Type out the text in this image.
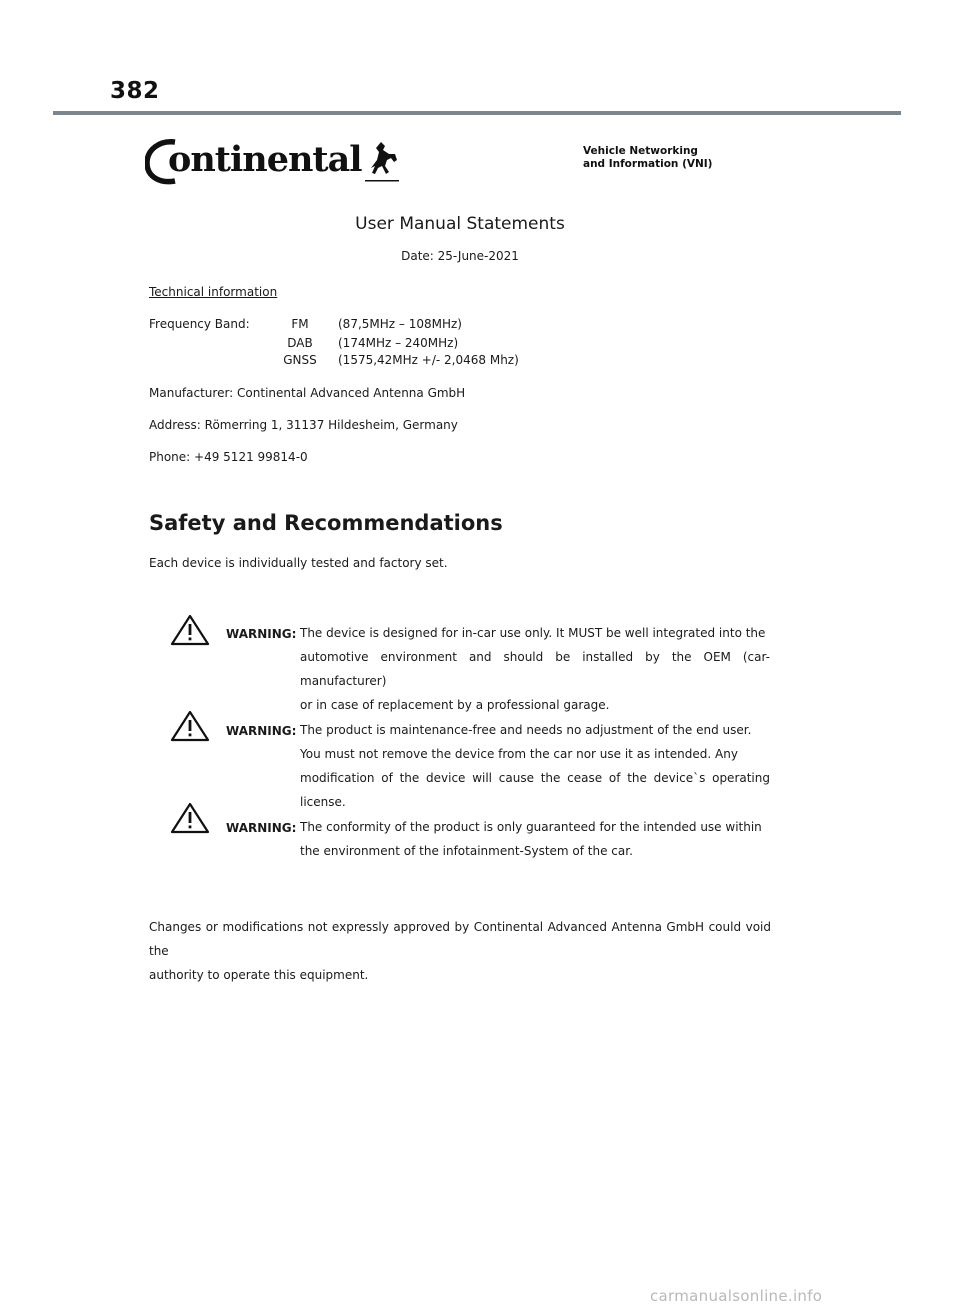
382
ontinental	Vehicle Networking
and Information (VNI)
User Manual Statements
Date: 25-June-2021
Technical information
Frequency Band:	FM	(87,5MHz – 108MHz)
DAB	(174MHz – 240MHz)
GNSS	(1575,42MHz +/- 2,0468 Mhz)
Manufacturer: Continental Advanced Antenna GmbH
Address: Römerring 1, 31137 Hildesheim, Germany
Phone: +49 5121 99814-0
Safety and Recommendations
Each device is individually tested and factory set.
WARNING: The device is designed for in-car use only. It MUST be well integrated into the
automotive environment and should be installed by the OEM (car-manufacturer)
or in case of replacement by a professional garage.
WARNING: The product is maintenance-free and needs no adjustment of the end user.
You must not remove the device from the car nor use it as intended. Any
modification of the device will cause the cease of the device`s operating license.
WARNING: The conformity of the product is only guaranteed for the intended use within
the environment of the infotainment-System of the car.
Changes or modifications not expressly approved by Continental Advanced Antenna GmbH could void the
authority to operate this equipment.
carmanualsonline.info
